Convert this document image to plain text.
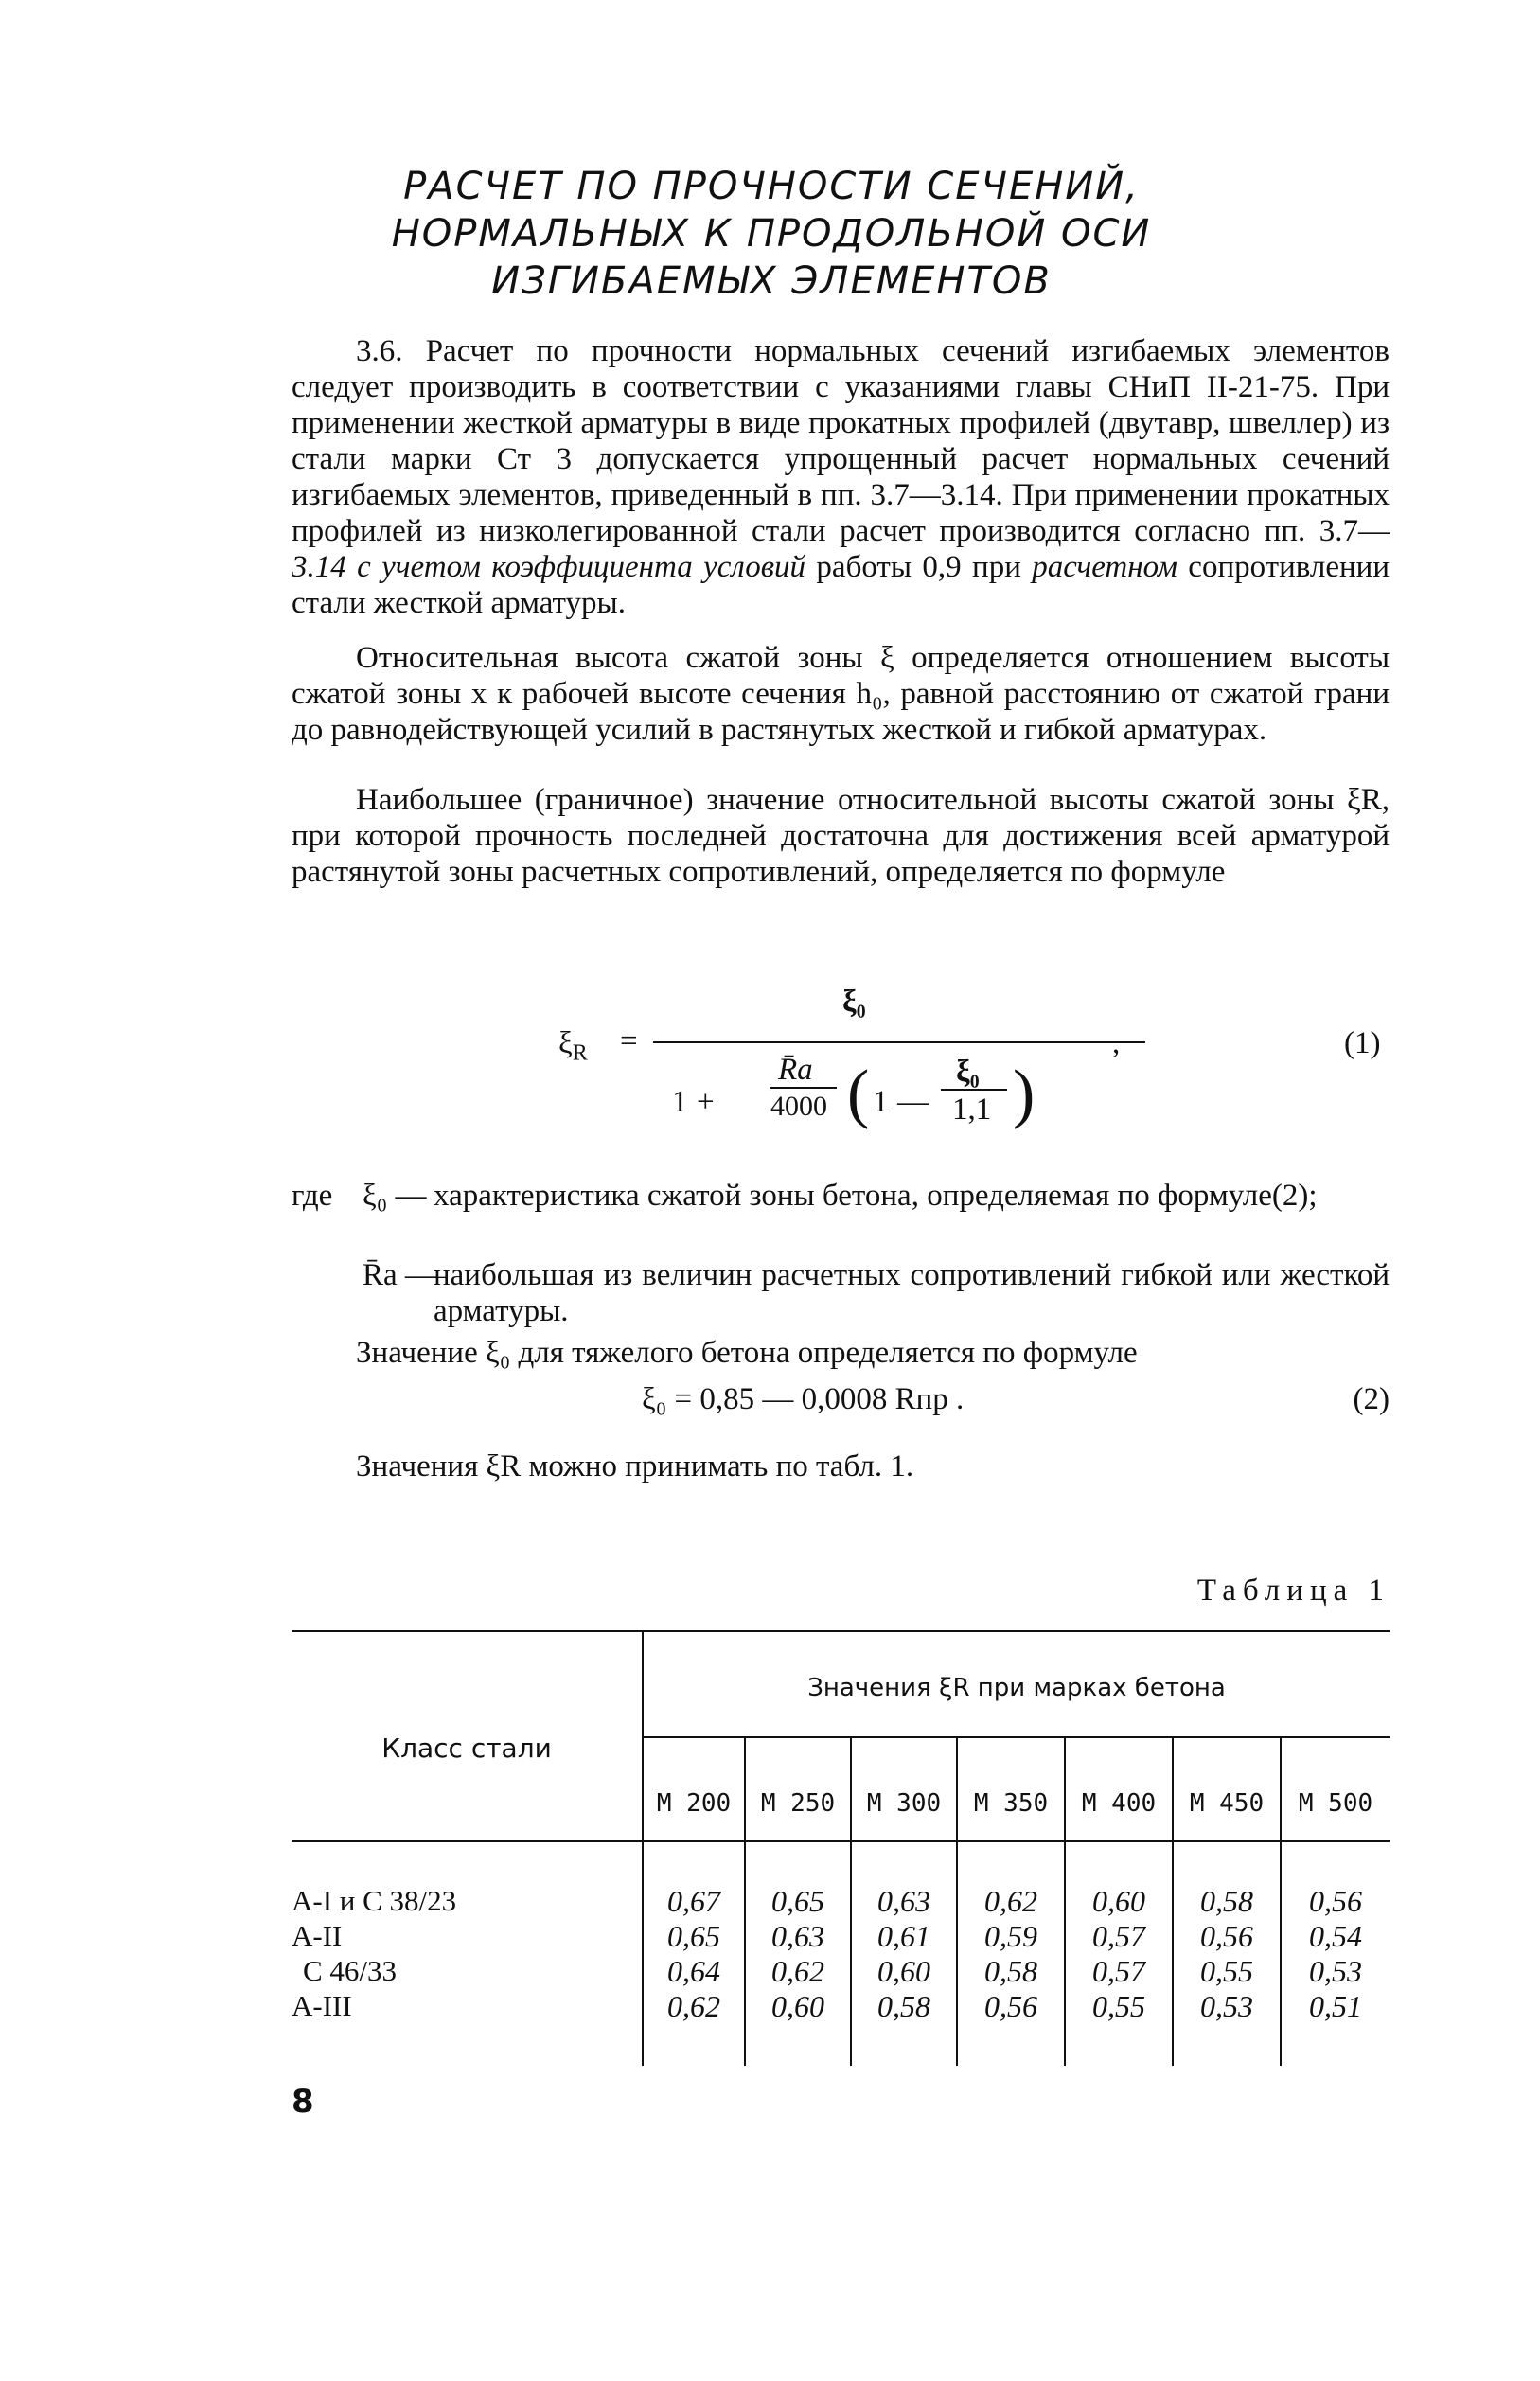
РАСЧЕТ ПО ПРОЧНОСТИ СЕЧЕНИЙ,
НОРМАЛЬНЫХ К ПРОДОЛЬНОЙ ОСИ
ИЗГИБАЕМЫХ ЭЛЕМЕНТОВ

3.6. Расчет по прочности нормальных сечений изгибаемых элементов следует производить в соответствии с указаниями главы СНиП II-21-75. При применении жесткой арматуры в виде прокатных профилей (двутавр, швеллер) из стали марки Ст 3 допускается упрощенный расчет нормальных сечений изгибаемых элементов, приведенный в пп. 3.7—3.14. При применении прокатных профилей из низколегированной стали расчет производится согласно пп. 3.7—3.14 с учетом коэффициента условий работы 0,9 при расчетном сопротивлении стали жесткой арматуры.

Относительная высота сжатой зоны ξ определяется отношением высоты сжатой зоны x к рабочей высоте сечения h₀, равной расстоянию от сжатой грани до равнодействующей усилий в растянутых жесткой и гибкой арматурах.

Наибольшее (граничное) значение относительной высоты сжатой зоны ξR, при которой прочность последней достаточна для достижения всей арматурой растянутой зоны расчетных сопротивлений, определяется по формуле

$\xi_R$ =
ξ₀
1 +
R̄a
4000 ( 1 —
ξ₀
1,1 )
,	(1)
где ξ₀ — характеристика сжатой зоны бетона, определяемая по формуле(2);
R̄a —
наибольшая из величин расчетных сопротивлений гибкой или жесткой арматуры.

Значение ξ₀ для тяжелого бетона определяется по формуле

ξ₀ = 0,85 — 0,0008 Rпр .	(2)

Значения ξR можно принимать по табл. 1.

Таблица 1
Класс стали
Значения ξR при марках бетона
М 200	М 250	М 300	М 350	М 400	М 450	М 500
А-I и С 38/23	0,67	0,65	0,63	0,62	0,60	0,58	0,56
А-II	0,65	0,63	0,61	0,59	0,57	0,56	0,54
С 46/33	0,64	0,62	0,60	0,58	0,57	0,55	0,53
А-III	0,62	0,60	0,58	0,56	0,55	0,53	0,51
8
